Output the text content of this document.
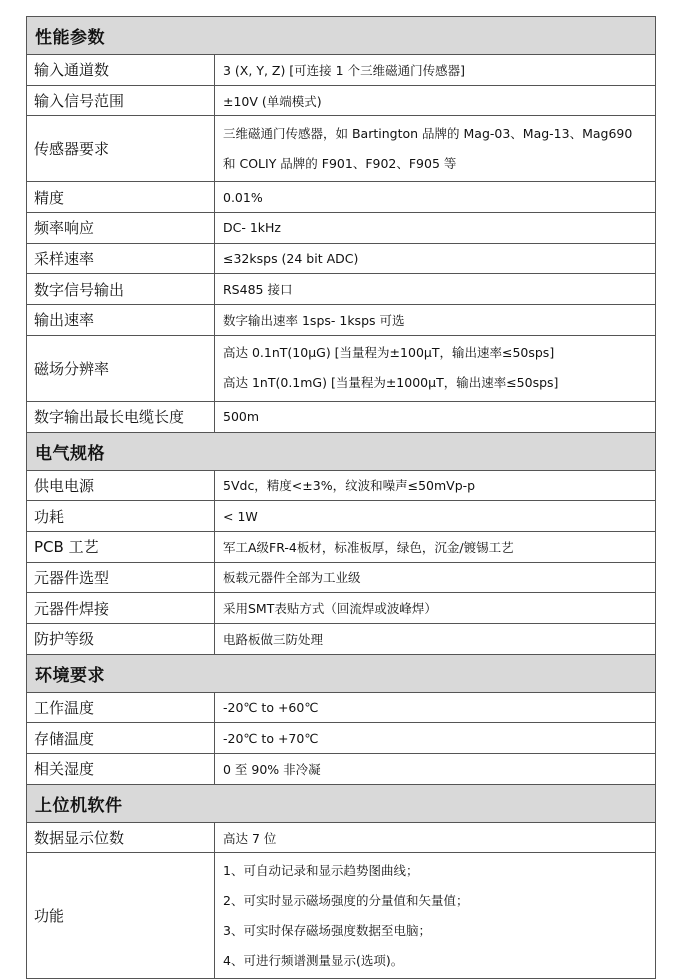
性能参数	
输入通道数	3 (X, Y, Z) [可连接 1 个三维磁通门传感器]

输入信号范围	±10V (单端模式)

传感器要求	三维磁通门传感器，如 Bartington 品牌的 Mag-03、Mag-13、Mag690
和 COLIY 品牌的 F901、F902、F905 等

精度	0.01%

频率响应	DC- 1kHz

采样速率	≤32ksps (24 bit ADC)

数字信号输出	RS485 接口

输出速率	数字输出速率 1sps- 1ksps 可选

磁场分辨率	高达 0.1nT(10μG) [当量程为±100μT，输出速率≤50sps]
高达 1nT(0.1mG) [当量程为±1000μT，输出速率≤50sps]

数字输出最长电缆长度	500m

电气规格	
供电电源	5Vdc，精度<±3%，纹波和噪声≤50mVp-p

功耗	< 1W

PCB 工艺	军工A级FR-4板材，标准板厚，绿色，沉金/镀锡工艺

元器件选型	板载元器件全部为工业级

元器件焊接	采用SMT表贴方式（回流焊或波峰焊）

防护等级	电路板做三防处理

环境要求	
工作温度	-20℃ to +60℃

存储温度	-20℃ to +70℃

相关湿度	0 至 90% 非冷凝

上位机软件	
数据显示位数	高达 7 位

功能	1、可自动记录和显示趋势图曲线；
2、可实时显示磁场强度的分量值和矢量值；
3、可实时保存磁场强度数据至电脑；
4、可进行频谱测量显示(选项)。
